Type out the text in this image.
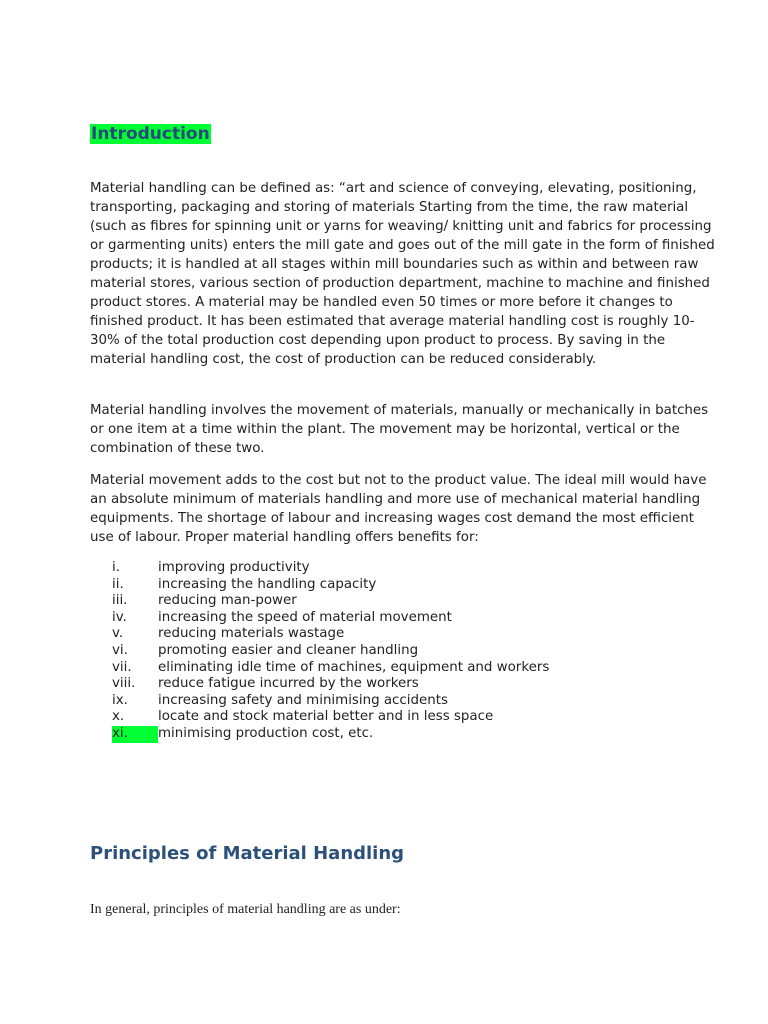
Introduction

Material handling can be defined as: “art and science of conveying, elevating, positioning, transporting, packaging and storing of materials Starting from the time, the raw material (such as fibres for spinning unit or yarns for weaving/ knitting unit and fabrics for processing or garmenting units) enters the mill gate and goes out of the mill gate in the form of finished products; it is handled at all stages within mill boundaries such as within and between raw material stores, various section of production department, machine to machine and finished product stores. A material may be handled even 50 times or more before it changes to finished product. It has been estimated that average material handling cost is roughly 10-30% of the total production cost depending upon product to process. By saving in the material handling cost, the cost of production can be reduced considerably.

Material handling involves the movement of materials, manually or mechanically in batches or one item at a time within the plant. The movement may be horizontal, vertical or the combination of these two.

Material movement adds to the cost but not to the product value. The ideal mill would have an absolute minimum of materials handling and more use of mechanical material handling equipments. The shortage of labour and increasing wages cost demand the most efficient use of labour. Proper material handling offers benefits for:

i.	improving productivity
ii.	increasing the handling capacity
iii.	reducing man-power
iv.	increasing the speed of material movement
v.	reducing materials wastage
vi.	promoting easier and cleaner handling
vii.	eliminating idle time of machines, equipment and workers
viii.	reduce fatigue incurred by the workers
ix.	increasing safety and minimising accidents
x.	locate and stock material better and in less space
xi.	minimising production cost, etc.
Principles of Material Handling

In general, principles of material handling are as under:
